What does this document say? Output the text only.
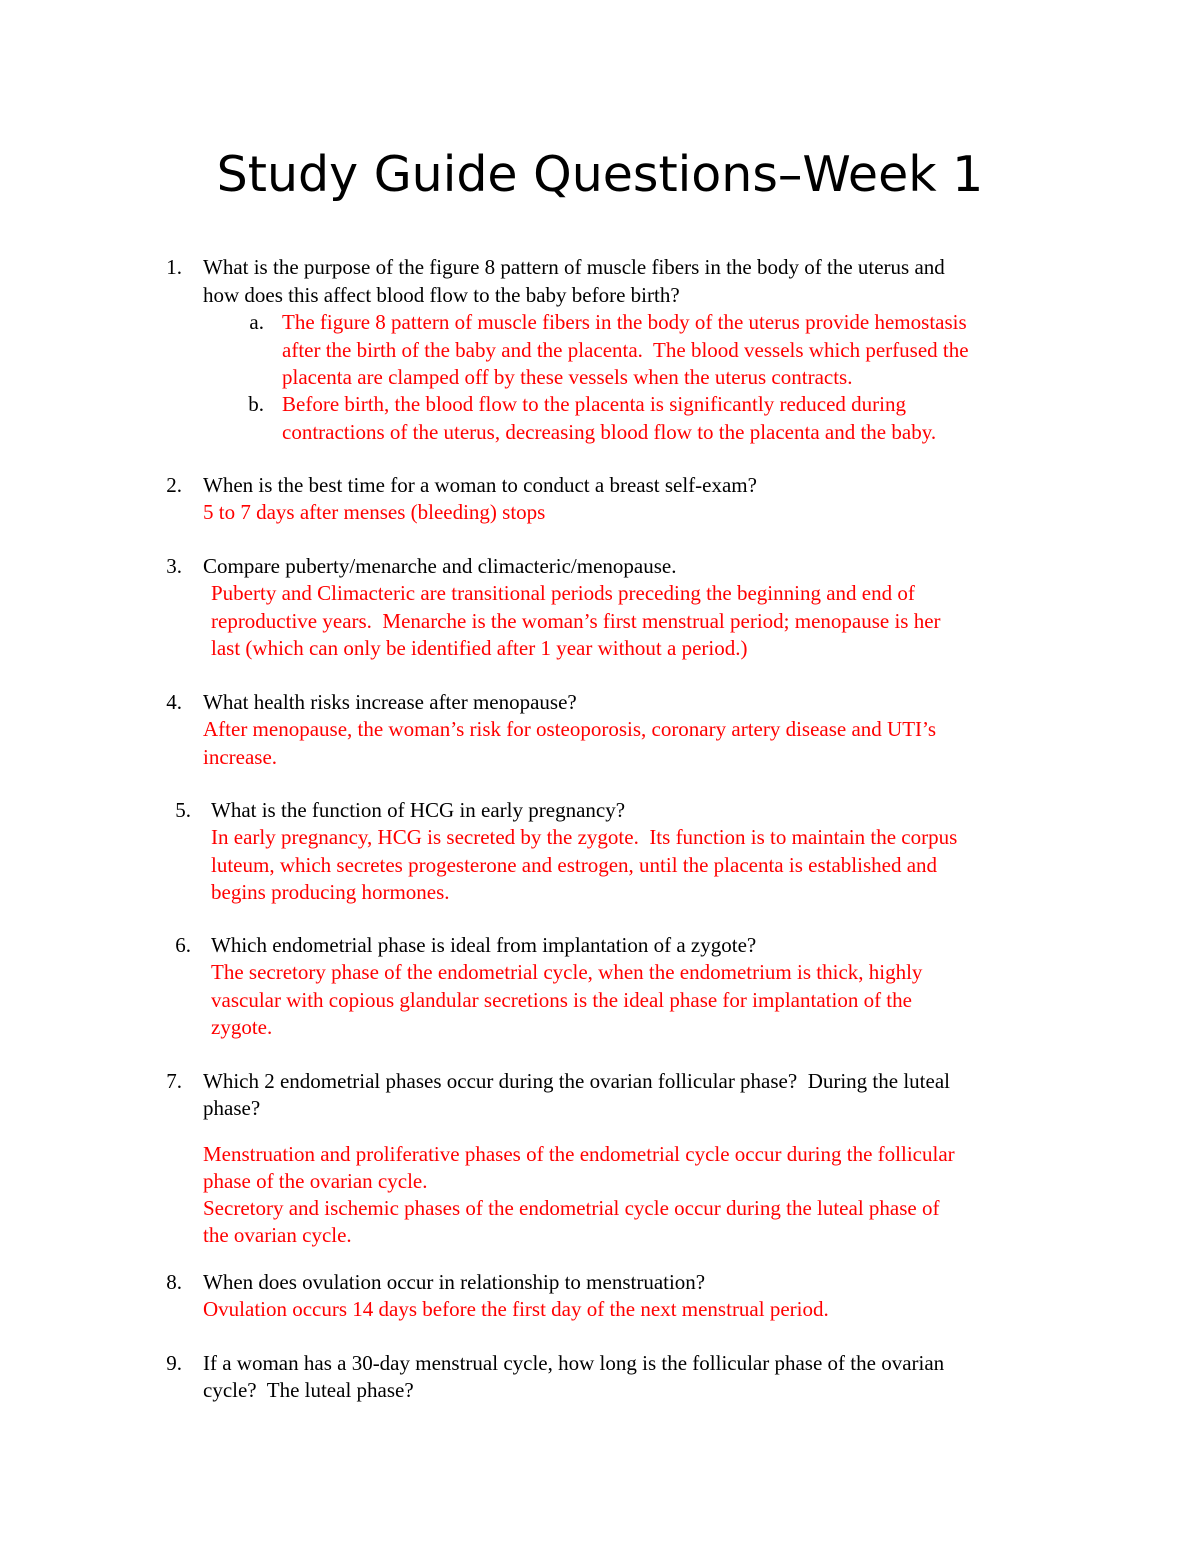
Study Guide Questions–Week 1
1. What is the purpose of the figure 8 pattern of muscle fibers in the body of the uterus and
how does this affect blood flow to the baby before birth?
a. The figure 8 pattern of muscle fibers in the body of the uterus provide hemostasis
after the birth of the baby and the placenta.  The blood vessels which perfused the
placenta are clamped off by these vessels when the uterus contracts.
b. Before birth, the blood flow to the placenta is significantly reduced during
contractions of the uterus, decreasing blood flow to the placenta and the baby.
2. When is the best time for a woman to conduct a breast self-exam?
5 to 7 days after menses (bleeding) stops
3. Compare puberty/menarche and climacteric/menopause.
Puberty and Climacteric are transitional periods preceding the beginning and end of
reproductive years.  Menarche is the woman’s first menstrual period; menopause is her
last (which can only be identified after 1 year without a period.)
4. What health risks increase after menopause?
After menopause, the woman’s risk for osteoporosis, coronary artery disease and UTI’s
increase.
5. What is the function of HCG in early pregnancy?
In early pregnancy, HCG is secreted by the zygote.  Its function is to maintain the corpus
luteum, which secretes progesterone and estrogen, until the placenta is established and
begins producing hormones.
6. Which endometrial phase is ideal from implantation of a zygote?
The secretory phase of the endometrial cycle, when the endometrium is thick, highly
vascular with copious glandular secretions is the ideal phase for implantation of the
zygote.
7. Which 2 endometrial phases occur during the ovarian follicular phase?  During the luteal
phase?
Menstruation and proliferative phases of the endometrial cycle occur during the follicular
phase of the ovarian cycle.
Secretory and ischemic phases of the endometrial cycle occur during the luteal phase of
the ovarian cycle.
8. When does ovulation occur in relationship to menstruation?
Ovulation occurs 14 days before the first day of the next menstrual period.
9. If a woman has a 30-day menstrual cycle, how long is the follicular phase of the ovarian
cycle?  The luteal phase?
